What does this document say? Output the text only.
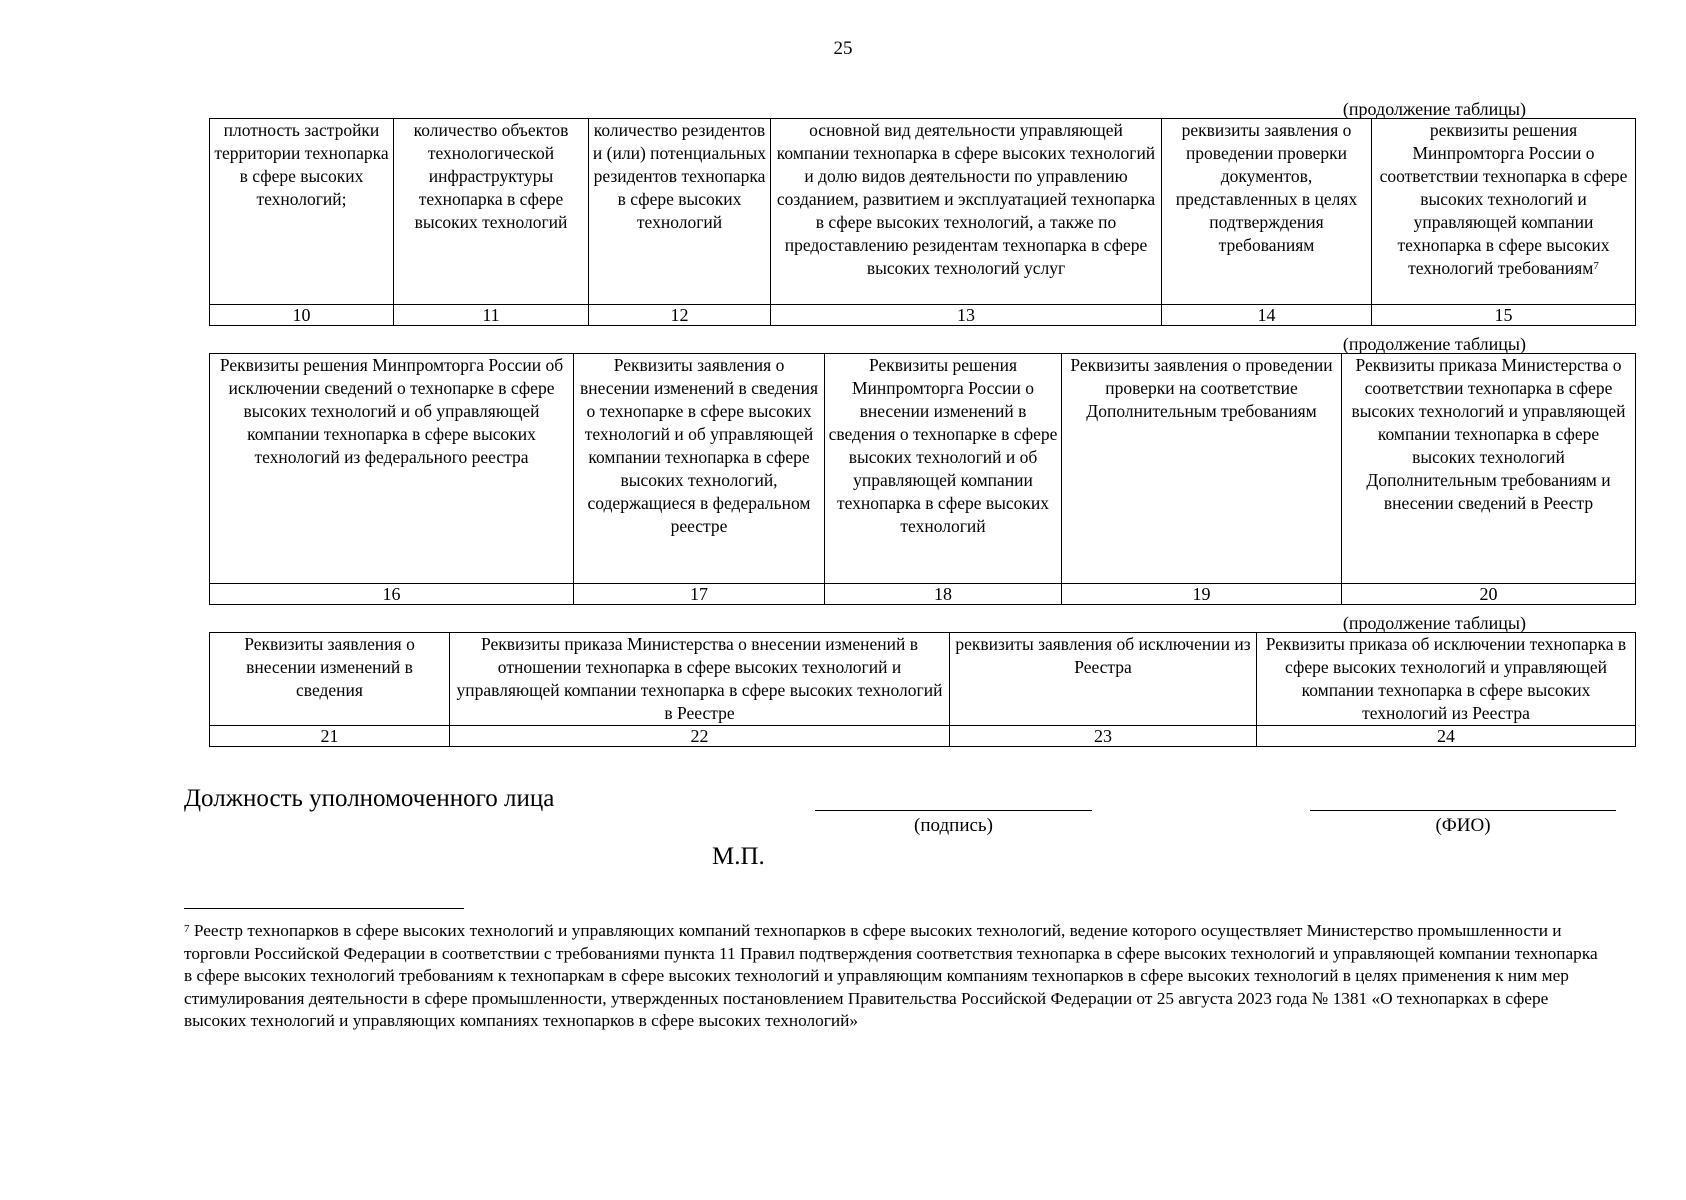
25
(продолжение таблицы)
плотность застройки территории технопарка в сфере высоких технологий;	количество объектов технологической инфраструктуры технопарка в сфере высоких технологий	количество резидентов и (или) потенциальных резидентов технопарка в сфере высоких технологий	основной вид деятельности управляющей компании технопарка в сфере высоких технологий и долю видов деятельности по управлению созданием, развитием и эксплуатацией технопарка в сфере высоких технологий, а также по предоставлению резидентам технопарка в сфере высоких технологий услуг	реквизиты заявления о проведении проверки документов, представленных в целях подтверждения требованиям	реквизиты решения Минпромторга России о соответствии технопарка в сфере высоких технологий и управляющей компании технопарка в сфере высоких технологий требованиям$^7$
10	11	12	13	14	15
(продолжение таблицы)
Реквизиты решения Минпромторга России об исключении сведений о технопарке в сфере высоких технологий и об управляющей компании технопарка в сфере высоких технологий из федерального реестра	Реквизиты заявления о внесении изменений в сведения о технопарке в сфере высоких технологий и об управляющей компании технопарка в сфере высоких технологий, содержащиеся в федеральном реестре	Реквизиты решения Минпромторга России о внесении изменений в сведения о технопарке в сфере высоких технологий и об управляющей компании технопарка в сфере высоких технологий	Реквизиты заявления о проведении проверки на соответствие Дополнительным требованиям	Реквизиты приказа Министерства о соответствии технопарка в сфере высоких технологий и управляющей компании технопарка в сфере высоких технологий Дополнительным требованиям и внесении сведений в Реестр
16	17	18	19	20
(продолжение таблицы)
Реквизиты заявления о внесении изменений в сведения	Реквизиты приказа Министерства о внесении изменений в отношении технопарка в сфере высоких технологий и управляющей компании технопарка в сфере высоких технологий в Реестре	реквизиты заявления об исключении из Реестра	Реквизиты приказа об исключении технопарка в сфере высоких технологий и управляющей компании технопарка в сфере высоких технологий из Реестра
21	22	23	24
Должность уполномоченного лица
(подпись)	(ФИО)
М.П.
$^7$ Реестр технопарков в сфере высоких технологий и управляющих компаний технопарков в сфере высоких технологий, ведение которого осуществляет Министерство промышленности и торговли Российской Федерации в соответствии с требованиями пункта 11 Правил подтверждения соответствия технопарка в сфере высоких технологий и управляющей компании технопарка в сфере высоких технологий требованиям к технопаркам в сфере высоких технологий и управляющим компаниям технопарков в сфере высоких технологий в целях применения к ним мер стимулирования деятельности в сфере промышленности, утвержденных постановлением Правительства Российской Федерации от 25 августа 2023 года № 1381 «О технопарках в сфере высоких технологий и управляющих компаниях технопарков в сфере высоких технологий»
